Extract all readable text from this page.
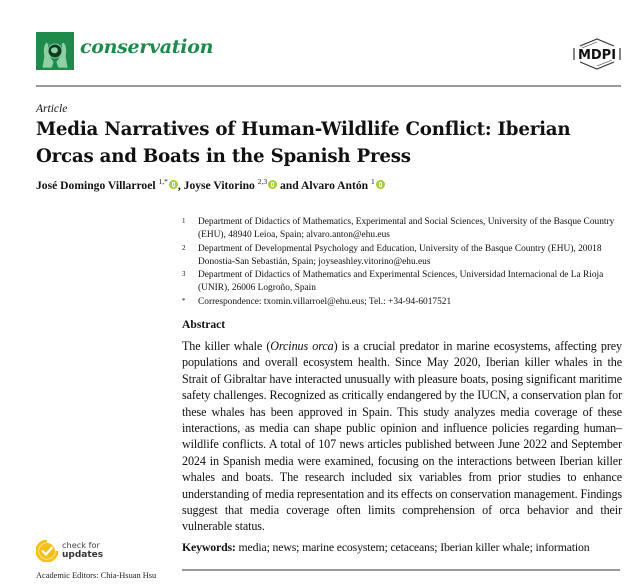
conservation	MDPI
Article
Media Narratives of Human-Wildlife Conflict: Iberian Orcas and Boats in the Spanish Press
José Domingo Villarroel $^{1,*}$ , Joyse Vitorino $^{2,3}$ and Alvaro Antón $^1$
1	Department of Didactics of Mathematics, Experimental and Social Sciences, University of the Basque Country (EHU), 48940 Leioa, Spain; alvaro.anton@ehu.eus
2	Department of Developmental Psychology and Education, University of the Basque Country (EHU), 20018 Donostia-San Sebastián, Spain; joyseashley.vitorino@ehu.eus
3	Department of Didactics of Mathematics and Experimental Sciences, Universidad Internacional de La Rioja (UNIR), 26006 Logroño, Spain
*	Correspondence: txomin.villarroel@ehu.eus; Tel.: +34-94-6017521
Abstract
The killer whale (Orcinus orca) is a crucial predator in marine ecosystems, affecting prey populations and overall ecosystem health. Since May 2020, Iberian killer whales in the Strait of Gibraltar have interacted unusually with pleasure boats, posing significant maritime safety challenges. Recognized as critically endangered by the IUCN, a conservation plan for these whales has been approved in Spain. This study analyzes media coverage of these interactions, as media can shape public opinion and influence policies regarding human–wildlife conflicts. A total of 107 news articles published between June 2022 and September 2024 in Spanish media were examined, focusing on the interactions between Iberian killer whales and boats. The research included six variables from prior studies to enhance understanding of media representation and its effects on conservation management. Findings suggest that media coverage often limits comprehension of orca behavior and their vulnerable status.
Keywords: media; news; marine ecosystem; cetaceans; Iberian killer whale; information
check for
updates
Academic Editors: Chia-Hsuan Hsu
